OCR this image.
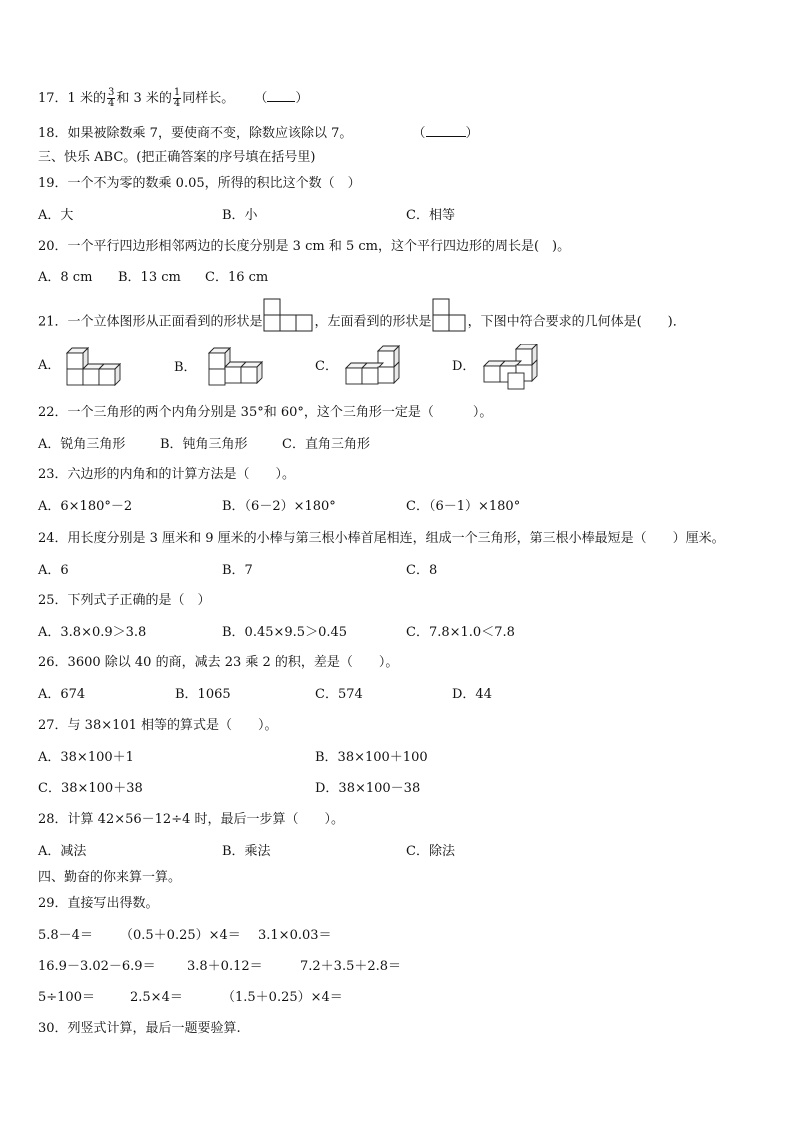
17．1 米的 $\frac{3}{4}$ 和 3 米的 $\frac{1}{4}$ 同样长。 （ ）
18．如果被除数乘 7，要使商不变，除数应该除以 7。	（	）
三、快乐 ABC。(把正确答案的序号填在括号里)
19．一个不为零的数乘 0.05，所得的积比这个数（　）
A．大	B．小	C．相等
20．一个平行四边形相邻两边的长度分别是 3 cm 和 5 cm，这个平行四边形的周长是(　)。
A．8 cm B．13 cm C．16 cm
21．一个立体图形从正面看到的形状是	，左面看到的形状是	，下图中符合要求的几何体是(　　)．
A．	B．	C．	D．
22．一个三角形的两个内角分别是 35°和 60°，这个三角形一定是（　　　）。
A．锐角三角形	B．钝角三角形	C．直角三角形
23．六边形的内角和的计算方法是（　　）。
A．6×180°－2	B．（6－2）×180°	C．（6－1）×180°
24．用长度分别是 3 厘米和 9 厘米的小棒与第三根小棒首尾相连，组成一个三角形，第三根小棒最短是（　　）厘米。
A．6	B．7	C．8
25．下列式子正确的是（　）
A．3.8×0.9＞3.8	B．0.45×9.5＞0.45	C．7.8×1.0＜7.8
26．3600 除以 40 的商，减去 23 乘 2 的积，差是（　　）。
A．674	B．1065	C．574	D．44
27．与 38×101 相等的算式是（　　）。
A．38×100＋1	B．38×100＋100
C．38×100＋38	D．38×100－38
28．计算 42×56－12÷4 时，最后一步算（　　）。
A．减法	B．乘法	C．除法
四、勤奋的你来算一算。
29．直接写出得数。
5.8－4＝ （0.5＋0.25）×4＝ 3.1×0.03＝
16.9－3.02－6.9＝ 3.8＋0.12＝	7.2＋3.5＋2.8＝
5÷100＝	2.5×4＝	（1.5＋0.25）×4＝
30．列竖式计算，最后一题要验算.
